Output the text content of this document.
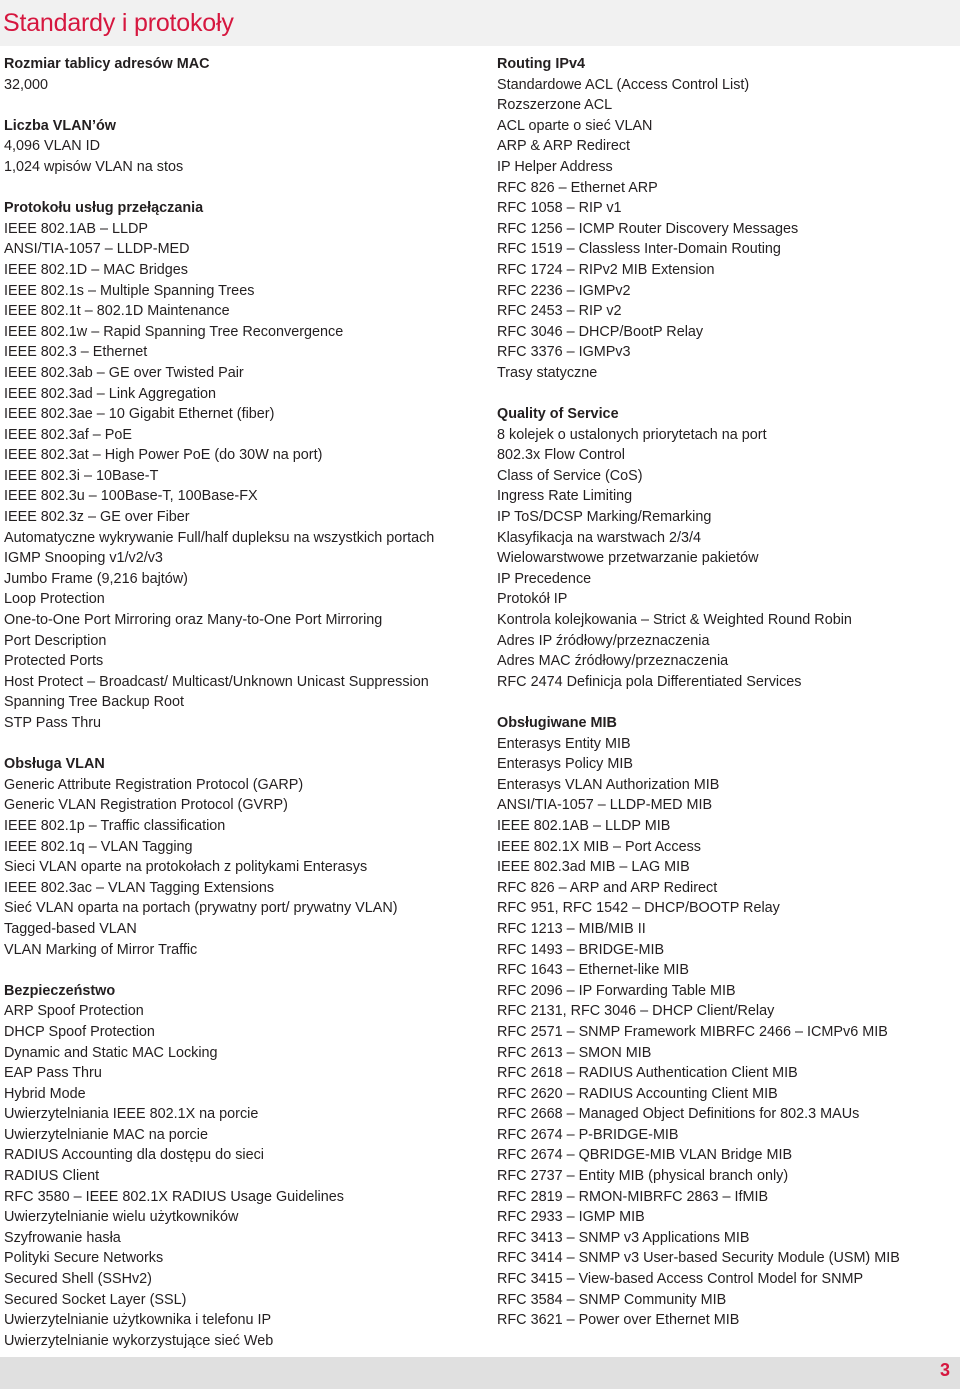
Standardy i protokoły

Rozmiar tablicy adresów MAC

32,000

Liczba VLAN’ów

4,096 VLAN ID

1,024 wpisów VLAN na stos

Protokołu usług przełączania

IEEE 802.1AB – LLDP

ANSI/TIA-1057 – LLDP-MED

IEEE 802.1D – MAC Bridges

IEEE 802.1s – Multiple Spanning Trees

IEEE 802.1t – 802.1D Maintenance

IEEE 802.1w – Rapid Spanning Tree Reconvergence

IEEE 802.3 – Ethernet

IEEE 802.3ab – GE over Twisted Pair

IEEE 802.3ad – Link Aggregation

IEEE 802.3ae – 10 Gigabit Ethernet (fiber)

IEEE 802.3af – PoE

IEEE 802.3at – High Power PoE (do 30W na port)

IEEE 802.3i – 10Base-T

IEEE 802.3u – 100Base-T, 100Base-FX

IEEE 802.3z – GE over Fiber

Automatyczne wykrywanie Full/half dupleksu na wszystkich portach

IGMP Snooping v1/v2/v3

Jumbo Frame (9,216 bajtów)

Loop Protection

One-to-One Port Mirroring oraz Many-to-One Port Mirroring

Port Description

Protected Ports

Host Protect – Broadcast/ Multicast/Unknown Unicast Suppression

Spanning Tree Backup Root

STP Pass Thru

Obsługa VLAN

Generic Attribute Registration Protocol (GARP)

Generic VLAN Registration Protocol (GVRP)

IEEE 802.1p – Traffic classification

IEEE 802.1q – VLAN Tagging

Sieci VLAN oparte na protokołach z politykami Enterasys

IEEE 802.3ac – VLAN Tagging Extensions

Sieć VLAN oparta na portach (prywatny port/ prywatny VLAN)

Tagged-based VLAN

VLAN Marking of Mirror Traffic

Bezpieczeństwo

ARP Spoof Protection

DHCP Spoof Protection

Dynamic and Static MAC Locking

EAP Pass Thru

Hybrid Mode

Uwierzytelniania IEEE 802.1X na porcie

Uwierzytelnianie MAC na porcie

RADIUS Accounting dla dostępu do sieci

RADIUS Client

RFC 3580 – IEEE 802.1X RADIUS Usage Guidelines

Uwierzytelnianie wielu użytkowników

Szyfrowanie hasła

Polityki Secure Networks

Secured Shell (SSHv2)

Secured Socket Layer (SSL)

Uwierzytelnianie użytkownika i telefonu IP

Uwierzytelnianie wykorzystujące sieć Web

Routing IPv4

Standardowe ACL (Access Control List)

Rozszerzone ACL

ACL oparte o sieć VLAN

ARP & ARP Redirect

IP Helper Address

RFC 826 – Ethernet ARP

RFC 1058 – RIP v1

RFC 1256 – ICMP Router Discovery Messages

RFC 1519 – Classless Inter-Domain Routing

RFC 1724 – RIPv2 MIB Extension

RFC 2236 – IGMPv2

RFC 2453 – RIP v2

RFC 3046 – DHCP/BootP Relay

RFC 3376 – IGMPv3

Trasy statyczne

Quality of Service

8 kolejek o ustalonych priorytetach na port

802.3x Flow Control

Class of Service (CoS)

Ingress Rate Limiting

IP ToS/DCSP Marking/Remarking

Klasyfikacja na warstwach 2/3/4

Wielowarstwowe przetwarzanie pakietów

IP Precedence

Protokół IP

Kontrola kolejkowania – Strict & Weighted Round Robin

Adres IP źródłowy/przeznaczenia

Adres MAC źródłowy/przeznaczenia

RFC 2474 Definicja pola Differentiated Services

Obsługiwane MIB

Enterasys Entity MIB

Enterasys Policy MIB

Enterasys VLAN Authorization MIB

ANSI/TIA-1057 – LLDP-MED MIB

IEEE 802.1AB – LLDP MIB

IEEE 802.1X MIB – Port Access

IEEE 802.3ad MIB – LAG MIB

RFC 826 – ARP and ARP Redirect

RFC 951, RFC 1542 – DHCP/BOOTP Relay

RFC 1213 – MIB/MIB II

RFC 1493 – BRIDGE-MIB

RFC 1643 – Ethernet-like MIB

RFC 2096 – IP Forwarding Table MIB

RFC 2131, RFC 3046 – DHCP Client/Relay

RFC 2571 – SNMP Framework MIBRFC 2466 – ICMPv6 MIB

RFC 2613 – SMON MIB

RFC 2618 – RADIUS Authentication Client MIB

RFC 2620 – RADIUS Accounting Client MIB

RFC 2668 – Managed Object Definitions for 802.3 MAUs

RFC 2674 – P-BRIDGE-MIB

RFC 2674 – QBRIDGE-MIB VLAN Bridge MIB

RFC 2737 – Entity MIB (physical branch only)

RFC 2819 – RMON-MIBRFC 2863 – IfMIB

RFC 2933 – IGMP MIB

RFC 3413 – SNMP v3 Applications MIB

RFC 3414 – SNMP v3 User-based Security Module (USM) MIB

RFC 3415 – View-based Access Control Model for SNMP

RFC 3584 – SNMP Community MIB

RFC 3621 – Power over Ethernet MIB

3
